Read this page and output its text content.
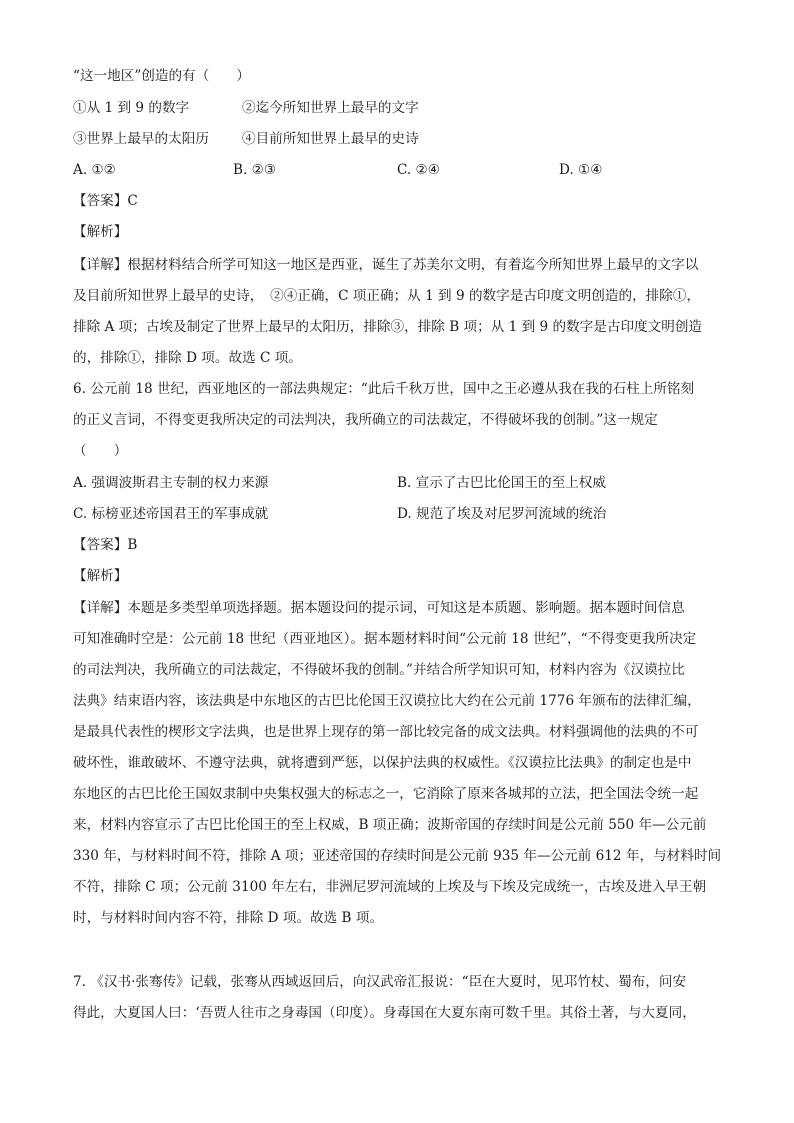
“这一地区”创造的有（　　）
①从 1 到 9 的数字	②迄今所知世界上最早的文字
③世界上最早的太阳历 ④目前所知世界上最早的史诗
A. ①②	B. ②③	C. ②④	D. ①④
【答案】C
【解析】
【详解】根据材料结合所学可知这一地区是西亚，诞生了苏美尔文明，有着迄今所知世界上最早的文字以
及目前所知世界上最早的史诗，　②④正确，C 项正确；从 1 到 9 的数字是古印度文明创造的，排除①，
排除 A 项；古埃及制定了世界上最早的太阳历，排除③，排除 B 项；从 1 到 9 的数字是古印度文明创造
的，排除①，排除 D 项。故选 C 项。
6. 公元前 18 世纪，西亚地区的一部法典规定：“此后千秋万世，国中之王必遵从我在我的石柱上所铭刻
的正义言词，不得变更我所决定的司法判决，我所确立的司法裁定，不得破坏我的创制。”这一规定
（　　）
A. 强调波斯君主专制的权力来源	B. 宣示了古巴比伦国王的至上权威
C. 标榜亚述帝国君王的军事成就	D. 规范了埃及对尼罗河流域的统治
【答案】B
【解析】
【详解】本题是多类型单项选择题。据本题设问的提示词，可知这是本质题、影响题。据本题时间信息
可知准确时空是：公元前 18 世纪（西亚地区）。据本题材料时间“公元前 18 世纪”，“不得变更我所决定
的司法判决，我所确立的司法裁定，不得破坏我的创制。”并结合所学知识可知，材料内容为《汉谟拉比
法典》结束语内容，该法典是中东地区的古巴比伦国王汉谟拉比大约在公元前 1776 年颁布的法律汇编，
是最具代表性的楔形文字法典，也是世界上现存的第一部比较完备的成文法典。材料强调他的法典的不可
破坏性，谁敢破坏、不遵守法典，就将遭到严惩，以保护法典的权威性。《汉谟拉比法典》的制定也是中
东地区的古巴比伦王国奴隶制中央集权强大的标志之一，它消除了原来各城邦的立法，把全国法令统一起
来，材料内容宣示了古巴比伦国王的至上权威，B 项正确；波斯帝国的存续时间是公元前 550 年—公元前
330 年，与材料时间不符，排除 A 项；亚述帝国的存续时间是公元前 935 年—公元前 612 年，与材料时间
不符，排除 C 项；公元前 3100 年左右，非洲尼罗河流域的上埃及与下埃及完成统一，古埃及进入早王朝
时，与材料时间内容不符，排除 D 项。故选 B 项。
7. 《汉书·张骞传》记载，张骞从西域返回后，向汉武帝汇报说：“臣在大夏时，见邛竹杖、蜀布，问安
得此，大夏国人曰：‘吾贾人往市之身毒国（印度）。身毒国在大夏东南可数千里。其俗土著，与大夏同，
